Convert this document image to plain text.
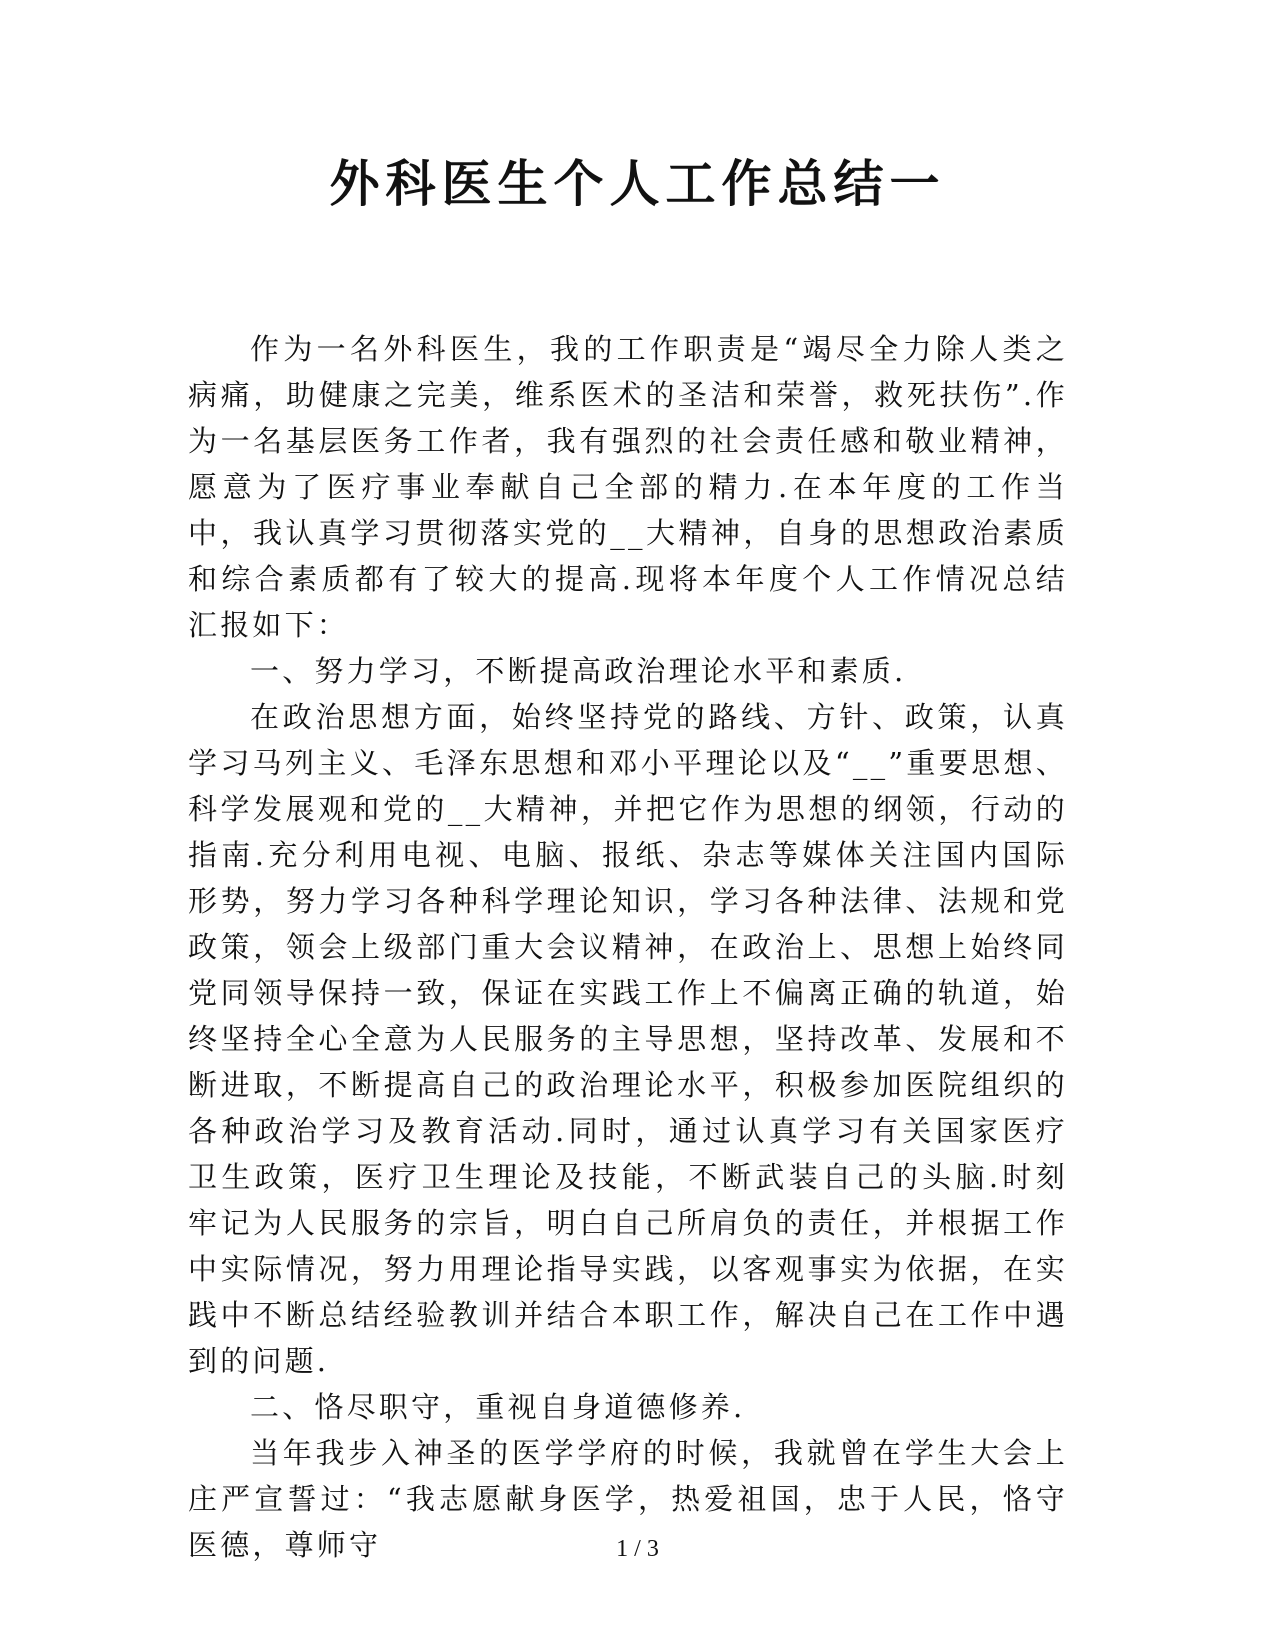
外科医生个人工作总结一

作为一名外科医生，我的工作职责是“竭尽全力除人类之病痛，助健康之完美，维系医术的圣洁和荣誉，救死扶伤”.作为一名基层医务工作者，我有强烈的社会责任感和敬业精神，愿意为了医疗事业奉献自己全部的精力.在本年度的工作当中，我认真学习贯彻落实党的__大精神，自身的思想政治素质和综合素质都有了较大的提高.现将本年度个人工作情况总结汇报如下：

一、努力学习，不断提高政治理论水平和素质.

在政治思想方面，始终坚持党的路线、方针、政策，认真学习马列主义、毛泽东思想和邓小平理论以及“__”重要思想、科学发展观和党的__大精神，并把它作为思想的纲领，行动的指南.充分利用电视、电脑、报纸、杂志等媒体关注国内国际形势，努力学习各种科学理论知识，学习各种法律、法规和党政策，领会上级部门重大会议精神，在政治上、思想上始终同党同领导保持一致，保证在实践工作上不偏离正确的轨道，始终坚持全心全意为人民服务的主导思想，坚持改革、发展和不断进取，不断提高自己的政治理论水平，积极参加医院组织的各种政治学习及教育活动.同时，通过认真学习有关国家医疗卫生政策，医疗卫生理论及技能，不断武装自己的头脑.时刻牢记为人民服务的宗旨，明白自己所肩负的责任，并根据工作中实际情况，努力用理论指导实践，以客观事实为依据，在实践中不断总结经验教训并结合本职工作，解决自己在工作中遇到的问题.

二、恪尽职守，重视自身道德修养.

当年我步入神圣的医学学府的时候，我就曾在学生大会上庄严宣誓过：“我志愿献身医学，热爱祖国，忠于人民，恪守医德，尊师守	1 / 3
